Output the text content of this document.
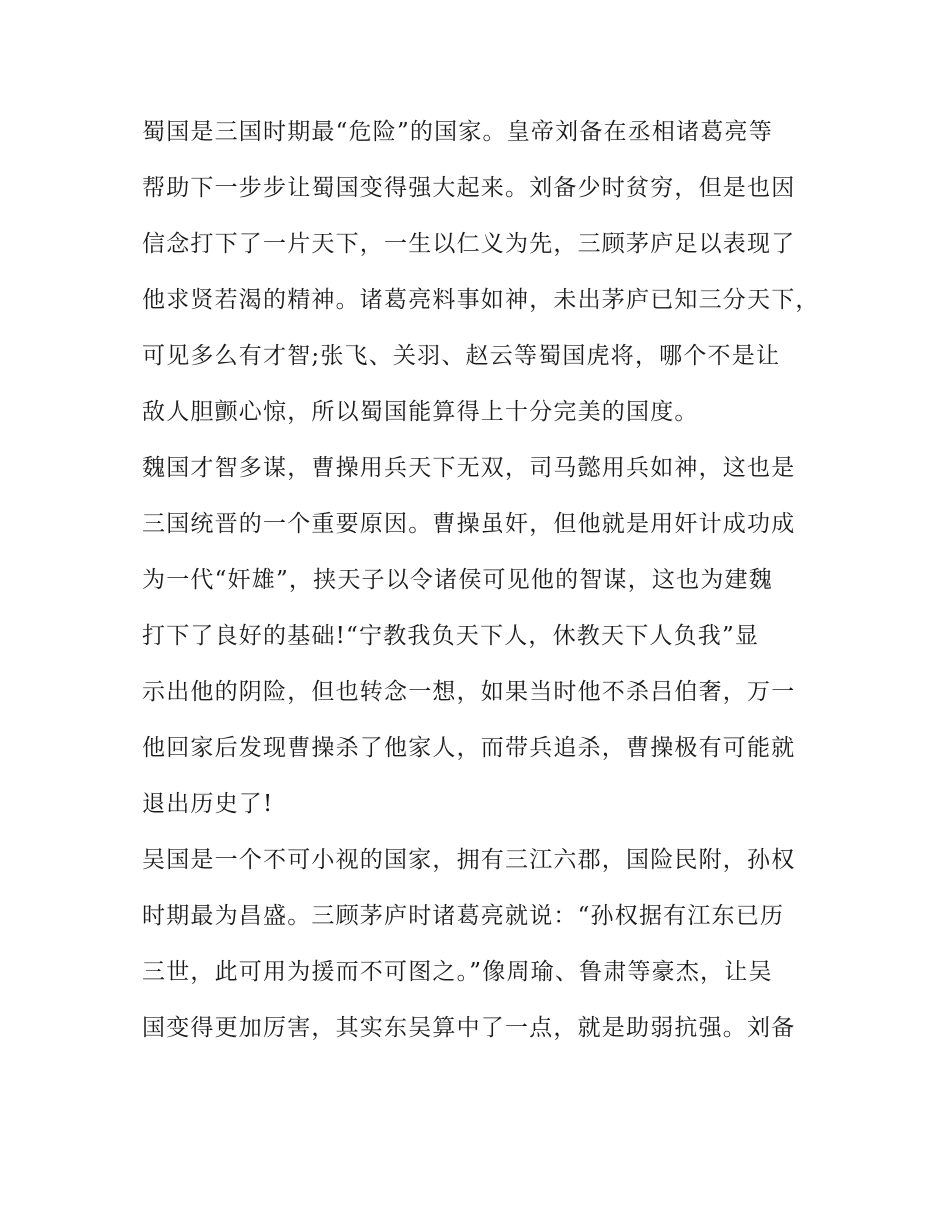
蜀国是三国时期最“危险”的国家。皇帝刘备在丞相诸葛亮等
帮助下一步步让蜀国变得强大起来。刘备少时贫穷，但是也因
信念打下了一片天下，一生以仁义为先，三顾茅庐足以表现了
他求贤若渴的精神。诸葛亮料事如神，未出茅庐已知三分天下，
可见多么有才智;张飞、关羽、赵云等蜀国虎将，哪个不是让
敌人胆颤心惊，所以蜀国能算得上十分完美的国度。
魏国才智多谋，曹操用兵天下无双，司马懿用兵如神，这也是
三国统晋的一个重要原因。曹操虽奸，但他就是用奸计成功成
为一代“奸雄”，挟天子以令诸侯可见他的智谋，这也为建魏
打下了良好的基础!“宁教我负天下人，休教天下人负我”显
示出他的阴险，但也转念一想，如果当时他不杀吕伯奢，万一
他回家后发现曹操杀了他家人，而带兵追杀，曹操极有可能就
退出历史了!
吴国是一个不可小视的国家，拥有三江六郡，国险民附，孙权
时期最为昌盛。三顾茅庐时诸葛亮就说：“孙权据有江东已历
三世，此可用为援而不可图之。”像周瑜、鲁肃等豪杰，让吴
国变得更加厉害，其实东吴算中了一点，就是助弱抗强。刘备
